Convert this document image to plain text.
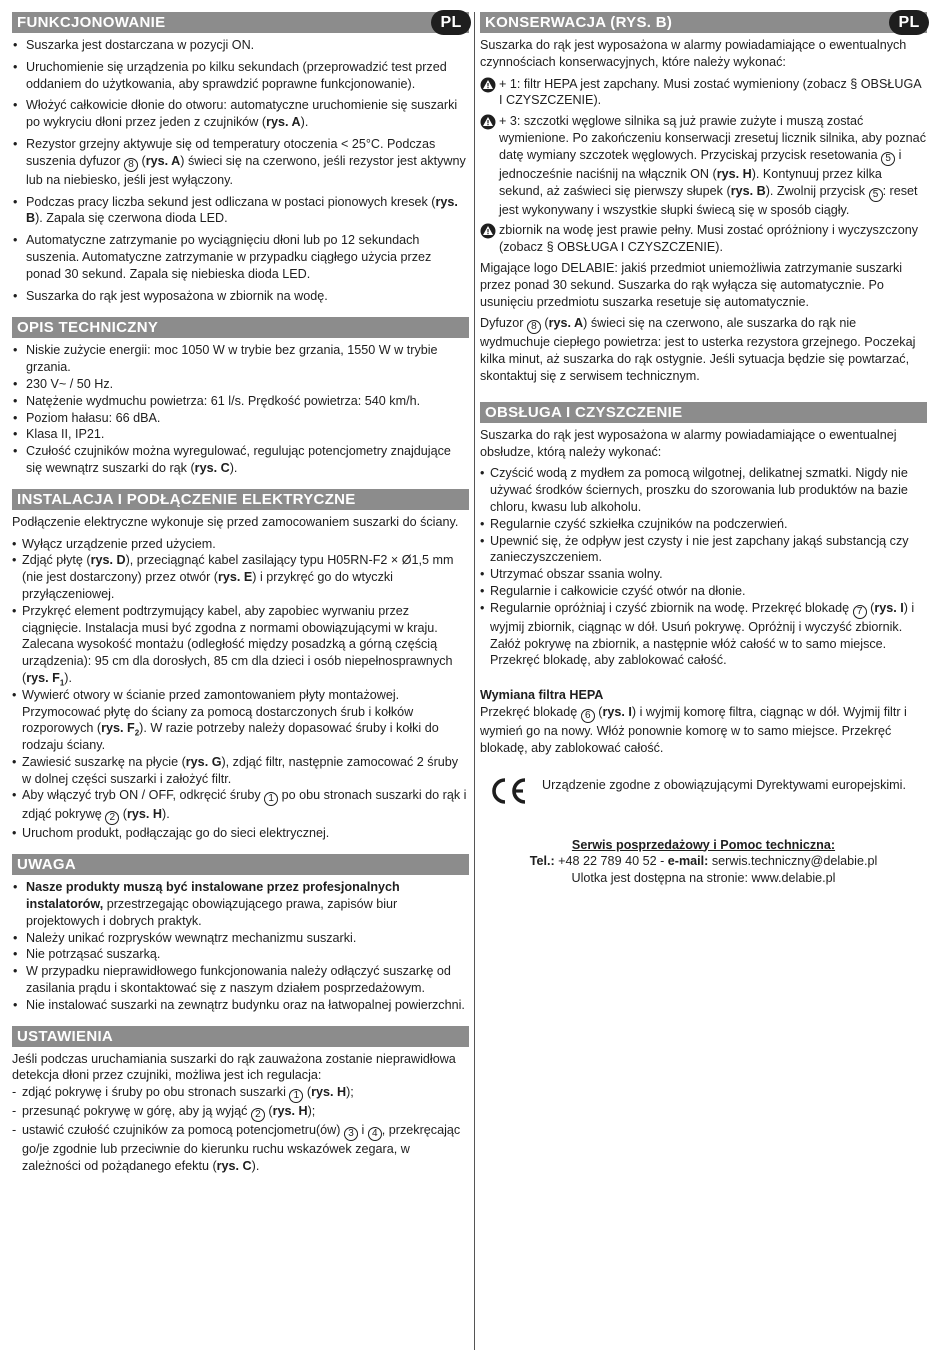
FUNKCJONOWANIE	PL
• Suszarka jest dostarczana w pozycji ON.
• Uruchomienie się urządzenia po kilku sekundach (przeprowadzić test przed oddaniem do użytkowania, aby sprawdzić poprawne funkcjonowanie).
• Włożyć całkowicie dłonie do otworu: automatyczne uruchomienie się suszarki po wykryciu dłoni przez jeden z czujników (rys. A).
• Rezystor grzejny aktywuje się od temperatury otoczenia < 25°C. Podczas suszenia dyfuzor 8 (rys. A) świeci się na czerwono, jeśli rezystor jest aktywny lub na niebiesko, jeśli jest wyłączony.
• Podczas pracy liczba sekund jest odliczana w postaci pionowych kresek (rys. B). Zapala się czerwona dioda LED.
• Automatyczne zatrzymanie po wyciągnięciu dłoni lub po 12 sekundach suszenia. Automatyczne zatrzymanie w przypadku ciągłego użycia przez ponad 30 sekund. Zapala się niebieska dioda LED.
• Suszarka do rąk jest wyposażona w zbiornik na wodę.
OPIS TECHNICZNY
• Niskie zużycie energii: moc 1050 W w trybie bez grzania, 1550 W w trybie grzania.
• 230 V~ / 50 Hz.
• Natężenie wydmuchu powietrza: 61 l/s. Prędkość powietrza: 540 km/h.
• Poziom hałasu: 66 dBA.
• Klasa II, IP21.
• Czułość czujników można wyregulować, regulując potencjometry znajdujące się wewnątrz suszarki do rąk (rys. C).
INSTALACJA I PODŁĄCZENIE ELEKTRYCZNE

Podłączenie elektryczne wykonuje się przed zamocowaniem suszarki do ściany.

• Wyłącz urządzenie przed użyciem.
• Zdjąć płytę (rys. D), przeciągnąć kabel zasilający typu H05RN-F2 × Ø1,5 mm (nie jest dostarczony) przez otwór (rys. E) i przykręć go do wtyczki przyłączeniowej.
• Przykręć element podtrzymujący kabel, aby zapobiec wyrwaniu przez ciągnięcie. Instalacja musi być zgodna z normami obowiązującymi w kraju.
Zalecana wysokość montażu (odległość między posadzką a górną częścią urządzenia): 95 cm dla dorosłych, 85 cm dla dzieci i osób niepełnosprawnych (rys. $F_1$).
• Wywierć otwory w ścianie przed zamontowaniem płyty montażowej. Przymocować płytę do ściany za pomocą dostarczonych śrub i kołków rozporowych (rys. $F_2$). W razie potrzeby należy dopasować śruby i kołki do rodzaju ściany.
• Zawiesić suszarkę na płycie (rys. G), zdjąć filtr, następnie zamocować 2 śruby w dolnej części suszarki i założyć filtr.
• Aby włączyć tryb ON / OFF, odkręcić śruby 1 po obu stronach suszarki do rąk i zdjąć pokrywę 2 (rys. H).
• Uruchom produkt, podłączając go do sieci elektrycznej.
UWAGA
• Nasze produkty muszą być instalowane przez profesjonalnych instalatorów, przestrzegając obowiązującego prawa, zapisów biur projektowych i dobrych praktyk.
• Należy unikać rozprysków wewnątrz mechanizmu suszarki.
• Nie potrząsać suszarką.
• W przypadku nieprawidłowego funkcjonowania należy odłączyć suszarkę od zasilania prądu i skontaktować się z naszym działem posprzedażowym.
• Nie instalować suszarki na zewnątrz budynku oraz na łatwopalnej powierzchni.
USTAWIENIA

Jeśli podczas uruchamiania suszarki do rąk zauważona zostanie nieprawidłowa detekcja dłoni przez czujniki, możliwa jest ich regulacja:

- zdjąć pokrywę i śruby po obu stronach suszarki 1 (rys. H);
- przesunąć pokrywę w górę, aby ją wyjąć 2 (rys. H);
- ustawić czułość czujników za pomocą potencjometru(ów) 3 i 4 , przekręcając go/je zgodnie lub przeciwnie do kierunku ruchu wskazówek zegara, w zależności od pożądanego efektu (rys. C).
KONSERWACJA (RYS. B)	PL

Suszarka do rąk jest wyposażona w alarmy powiadamiające o ewentualnych czynnościach konserwacyjnych, które należy wykonać:

+ 1: filtr HEPA jest zapchany. Musi zostać wymieniony (zobacz § OBSŁUGA I CZYSZCZENIE).
+ 3: szczotki węglowe silnika są już prawie zużyte i muszą zostać wymienione. Po zakończeniu konserwacji zresetuj licznik silnika, aby poznać datę wymiany szczotek węglowych. Przyciskaj przycisk resetowania 5 i jednocześnie naciśnij na włącznik ON (rys. H). Kontynuuj przez kilka sekund, aż zaświeci się pierwszy słupek (rys. B). Zwolnij przycisk 5 : reset jest wykonywany i wszystkie słupki świecą się w sposób ciągły.
zbiornik na wodę jest prawie pełny. Musi zostać opróżniony i wyczyszczony (zobacz § OBSŁUGA I CZYSZCZENIE).

Migające logo DELABIE: jakiś przedmiot uniemożliwia zatrzymanie suszarki przez ponad 30 sekund. Suszarka do rąk wyłącza się automatycznie. Po usunięciu przedmiotu suszarka resetuje się automatycznie.

Dyfuzor 8 (rys. A) świeci się na czerwono, ale suszarka do rąk nie wydmuchuje ciepłego powietrza: jest to usterka rezystora grzejnego. Poczekaj kilka minut, aż suszarka do rąk ostygnie. Jeśli sytuacja będzie się powtarzać, skontaktuj się z serwisem technicznym.

OBSŁUGA I CZYSZCZENIE

Suszarka do rąk jest wyposażona w alarmy powiadamiające o ewentualnej obsłudze, którą należy wykonać:

• Czyścić wodą z mydłem za pomocą wilgotnej, delikatnej szmatki. Nigdy nie używać środków ściernych, proszku do szorowania lub produktów na bazie chloru, kwasu lub alkoholu.
• Regularnie czyść szkiełka czujników na podczerwień.
• Upewnić się, że odpływ jest czysty i nie jest zapchany jakąś substancją czy zanieczyszczeniem.
• Utrzymać obszar ssania wolny.
• Regularnie i całkowicie czyść otwór na dłonie.
• Regularnie opróżniaj i czyść zbiornik na wodę. Przekręć blokadę 7 (rys. I) i wyjmij zbiornik, ciągnąc w dół. Usuń pokrywę. Opróżnij i wyczyść zbiornik. Załóż pokrywę na zbiornik, a następnie włóż całość w to samo miejsce. Przekręć blokadę, aby zablokować całość.
Wymiana filtra HEPA

Przekręć blokadę 6 (rys. I) i wyjmij komorę filtra, ciągnąc w dół. Wyjmij filtr i wymień go na nowy. Włóż ponownie komorę w to samo miejsce. Przekręć blokadę, aby zablokować całość.

Urządzenie zgodne z obowiązującymi Dyrektywami europejskimi.
Serwis posprzedażowy i Pomoc techniczna:
Tel.: +48 22 789 40 52 - e-mail: serwis.techniczny@delabie.pl
Ulotka jest dostępna na stronie: www.delabie.pl
